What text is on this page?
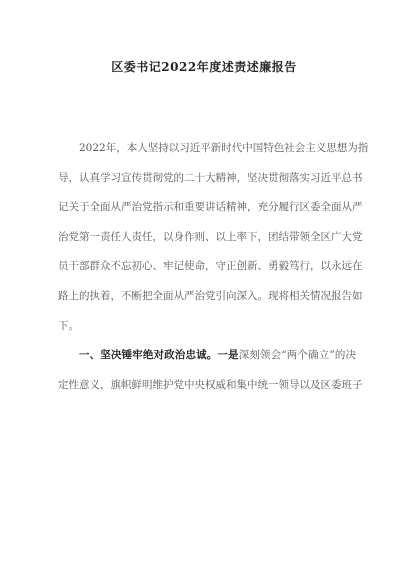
区委书记2022年度述责述廉报告
2022年，本人坚持以习近平新时代中国特色社会主义思想为指
导，认真学习宣传贯彻党的二十大精神，坚决贯彻落实习近平总书
记关于全面从严治党指示和重要讲话精神，充分履行区委全面从严
治党第一责任人责任，以身作则、以上率下，团结带领全区广大党
员干部群众不忘初心、牢记使命，守正创新、勇毅笃行，以永远在
路上的执着，不断把全面从严治党引向深入。现将相关情况报告如
下。
一、坚决锤牢绝对政治忠诚。一是深刻领会“两个确立”的决
定性意义，旗帜鲜明维护党中央权威和集中统一领导以及区委班子
